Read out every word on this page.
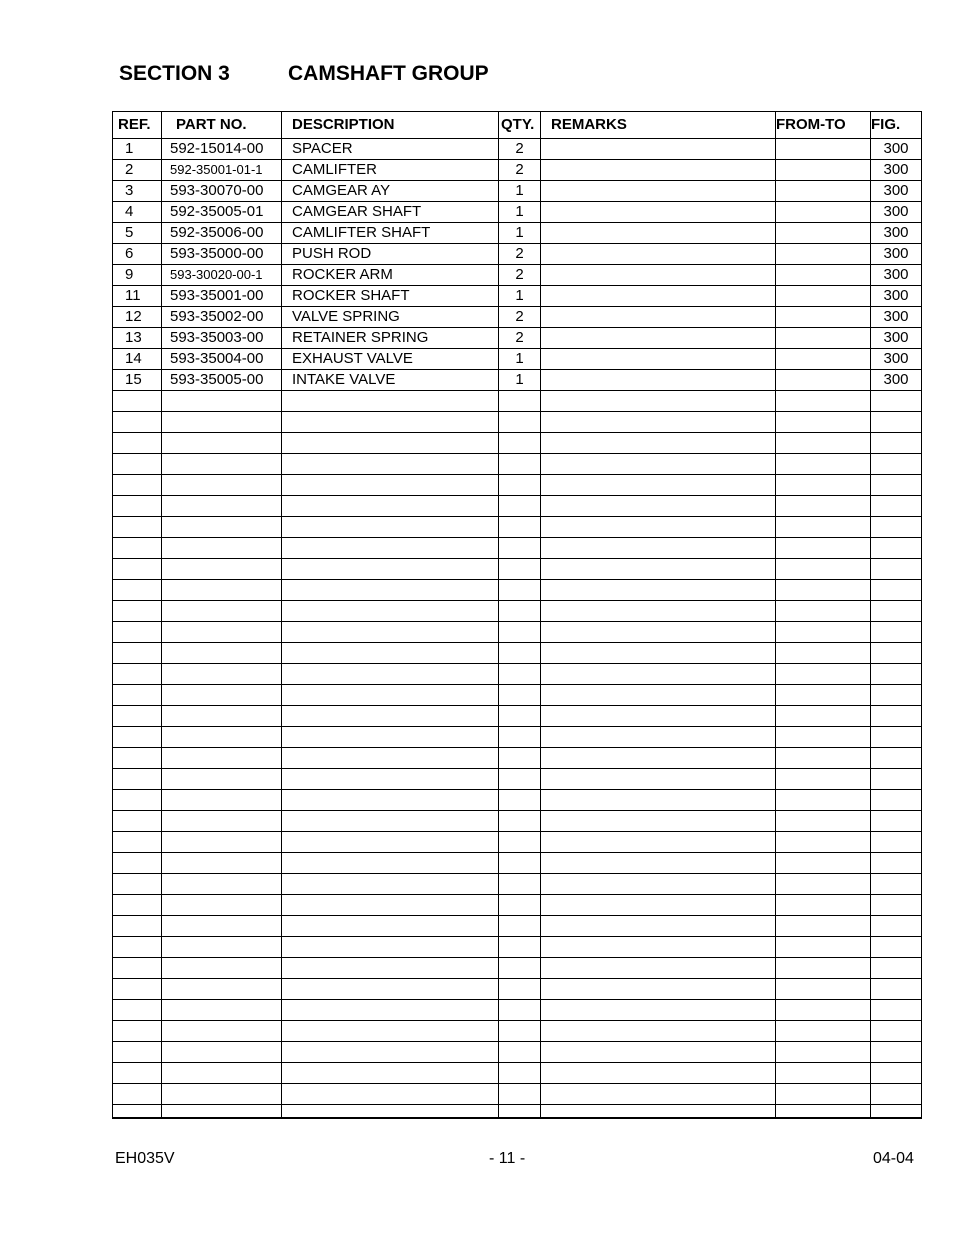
SECTION 3	CAMSHAFT GROUP
REF.	PART NO.	DESCRIPTION	QTY.	REMARKS	FROM-TO	FIG.
1	592-15014-00	SPACER	2			300
2	592-35001-01-1	CAMLIFTER	2			300
3	593-30070-00	CAMGEAR AY	1			300
4	592-35005-01	CAMGEAR SHAFT	1			300
5	592-35006-00	CAMLIFTER SHAFT	1			300
6	593-35000-00	PUSH ROD	2			300
9	593-30020-00-1	ROCKER ARM	2			300
11	593-35001-00	ROCKER SHAFT	1			300
12	593-35002-00	VALVE SPRING	2			300
13	593-35003-00	RETAINER SPRING	2			300
14	593-35004-00	EXHAUST VALVE	1			300
15	593-35005-00	INTAKE VALVE	1			300

EH035V	- 11 -	04-04
